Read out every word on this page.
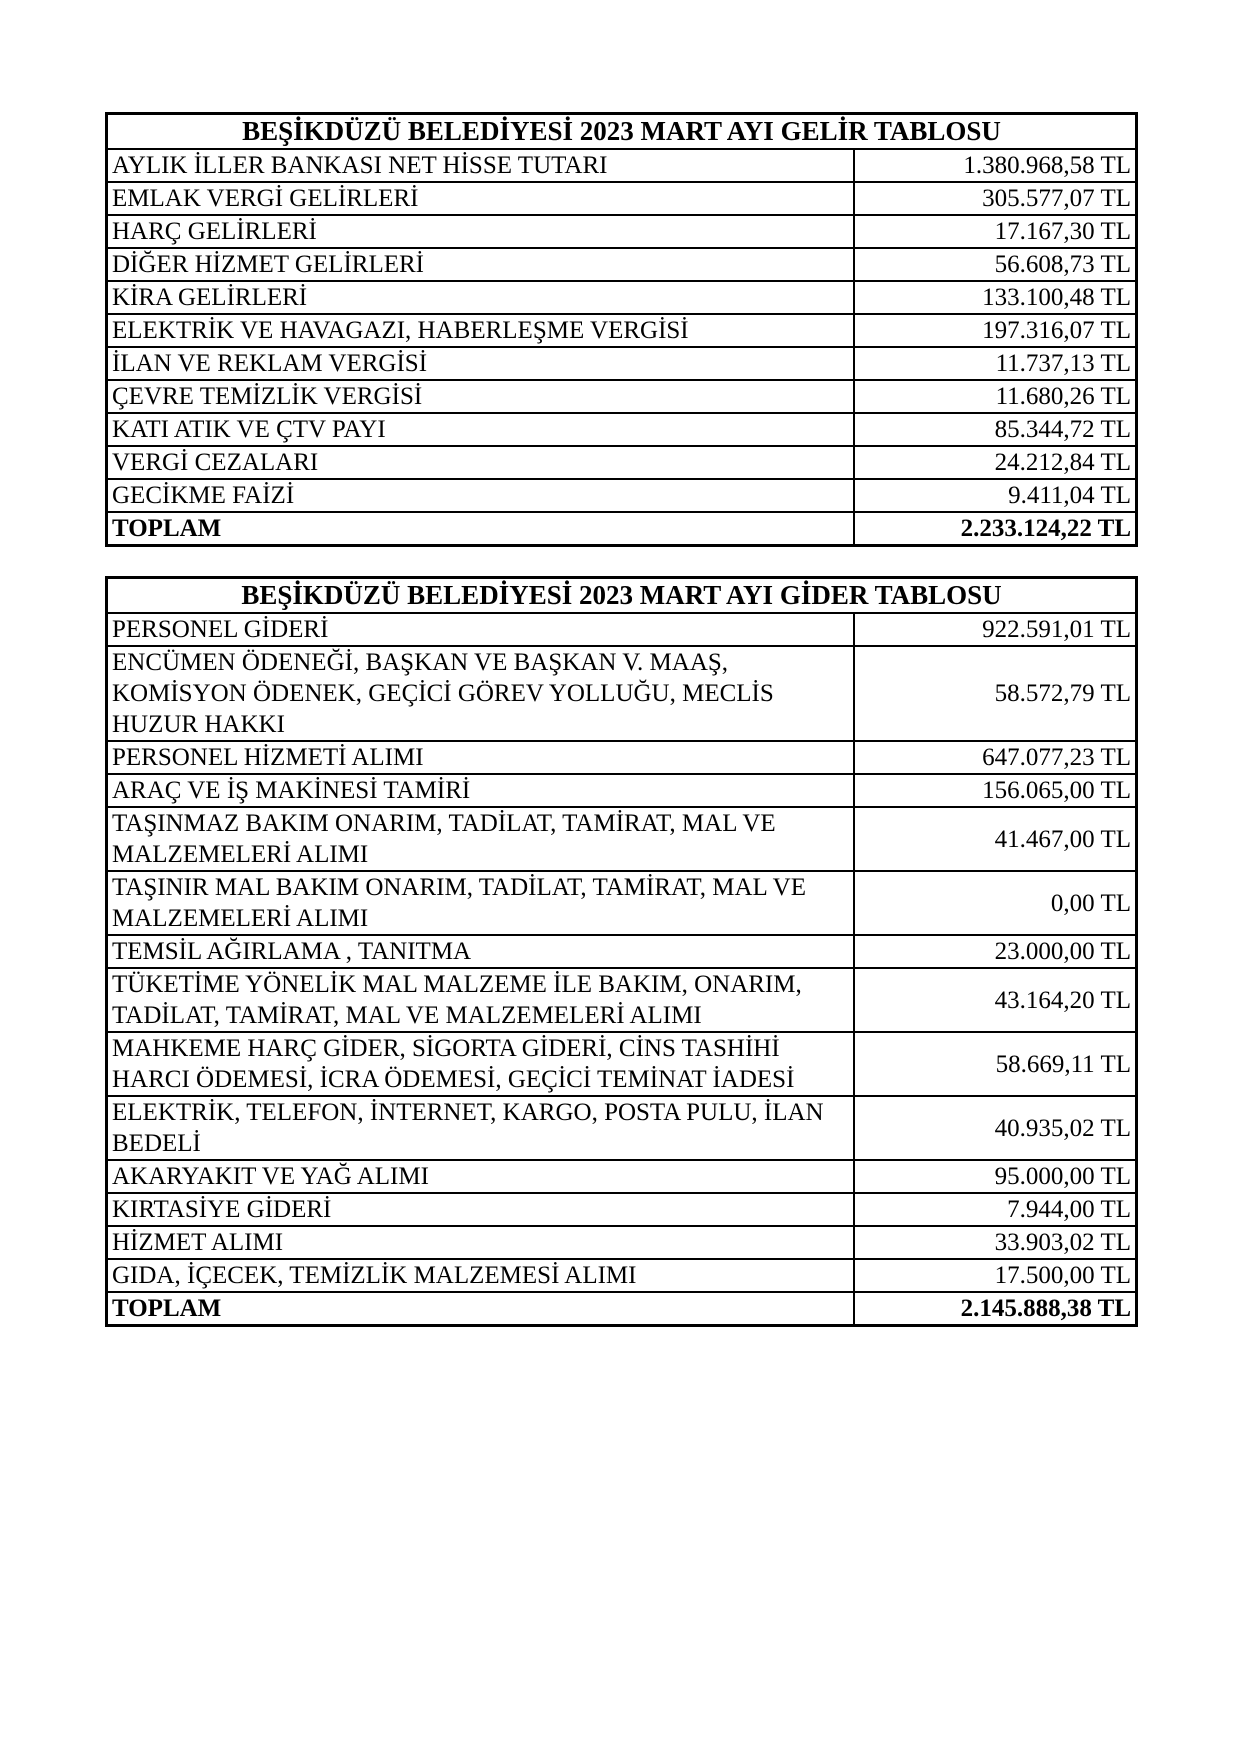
BEŞİKDÜZÜ BELEDİYESİ 2023 MART AYI GELİR TABLOSU	
AYLIK İLLER BANKASI NET HİSSE TUTARI	1.380.968,58 TL
EMLAK VERGİ GELİRLERİ	305.577,07 TL
HARÇ GELİRLERİ	17.167,30 TL
DİĞER HİZMET GELİRLERİ	56.608,73 TL
KİRA GELİRLERİ	133.100,48 TL
ELEKTRİK VE HAVAGAZI, HABERLEŞME VERGİSİ	197.316,07 TL
İLAN VE REKLAM VERGİSİ	11.737,13 TL
ÇEVRE TEMİZLİK VERGİSİ	11.680,26 TL
KATI ATIK VE ÇTV PAYI	85.344,72 TL
VERGİ CEZALARI	24.212,84 TL
GECİKME FAİZİ	9.411,04 TL
TOPLAM	2.233.124,22 TL
BEŞİKDÜZÜ BELEDİYESİ 2023 MART AYI GİDER TABLOSU	
PERSONEL GİDERİ	922.591,01 TL
ENCÜMEN ÖDENEĞİ, BAŞKAN VE BAŞKAN V. MAAŞ, KOMİSYON ÖDENEK, GEÇİCİ GÖREV YOLLUĞU, MECLİS HUZUR HAKKI	58.572,79 TL
PERSONEL HİZMETİ ALIMI	647.077,23 TL
ARAÇ VE İŞ MAKİNESİ TAMİRİ	156.065,00 TL
TAŞINMAZ BAKIM ONARIM, TADİLAT, TAMİRAT, MAL VE MALZEMELERİ ALIMI	41.467,00 TL
TAŞINIR MAL BAKIM ONARIM, TADİLAT, TAMİRAT, MAL VE MALZEMELERİ ALIMI	0,00 TL
TEMSİL AĞIRLAMA , TANITMA	23.000,00 TL
TÜKETİME YÖNELİK MAL MALZEME İLE BAKIM, ONARIM, TADİLAT, TAMİRAT, MAL VE MALZEMELERİ ALIMI	43.164,20 TL
MAHKEME HARÇ GİDER, SİGORTA GİDERİ, CİNS TASHİHİ HARCI ÖDEMESİ, İCRA ÖDEMESİ, GEÇİCİ TEMİNAT İADESİ	58.669,11 TL
ELEKTRİK, TELEFON, İNTERNET, KARGO, POSTA PULU, İLAN BEDELİ	40.935,02 TL
AKARYAKIT VE YAĞ ALIMI	95.000,00 TL
KIRTASİYE GİDERİ	7.944,00 TL
HİZMET ALIMI	33.903,02 TL
GIDA, İÇECEK, TEMİZLİK MALZEMESİ ALIMI	17.500,00 TL
TOPLAM	2.145.888,38 TL
